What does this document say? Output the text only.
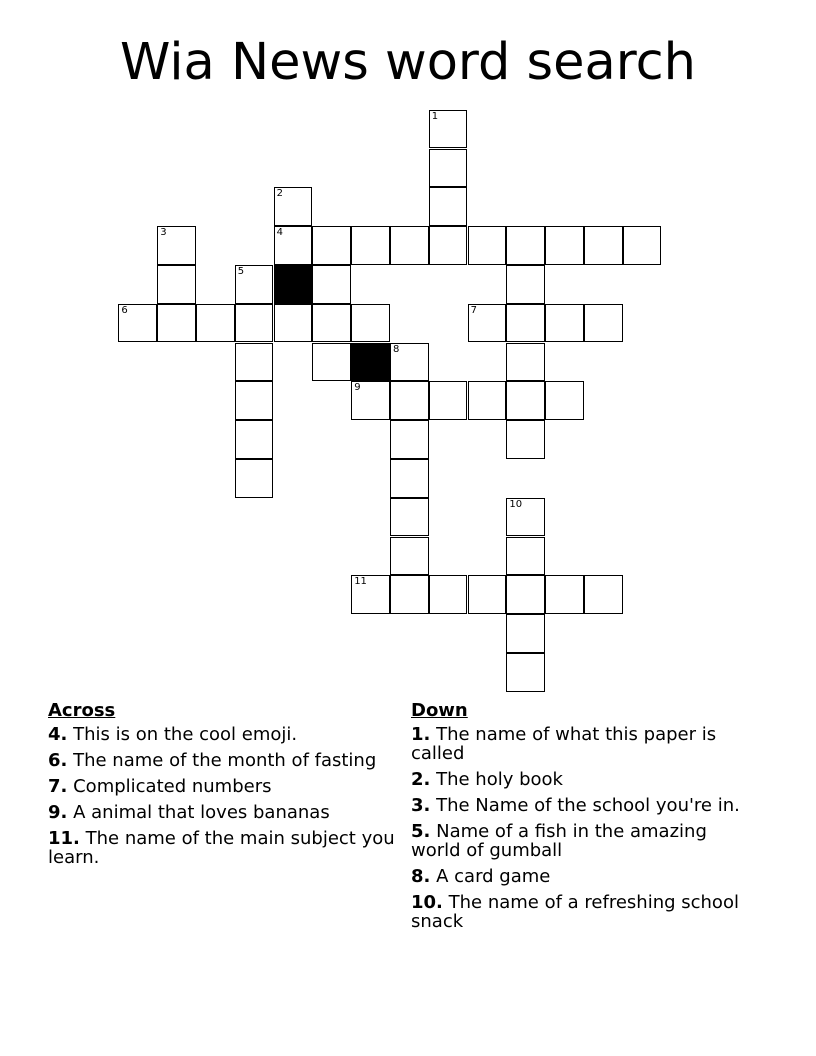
Wia News word search
1
2
3	4
5
6	7
8
9
10
11
Across
4. This is on the cool emoji.
6. The name of the month of fasting
7. Complicated numbers
9. A animal that loves bananas
11. The name of the main subject you learn.
Down
1. The name of what this paper is called
2. The holy book
3. The Name of the school you're in.
5. Name of a fish in the amazing world of gumball
8. A card game
10. The name of a refreshing school snack
